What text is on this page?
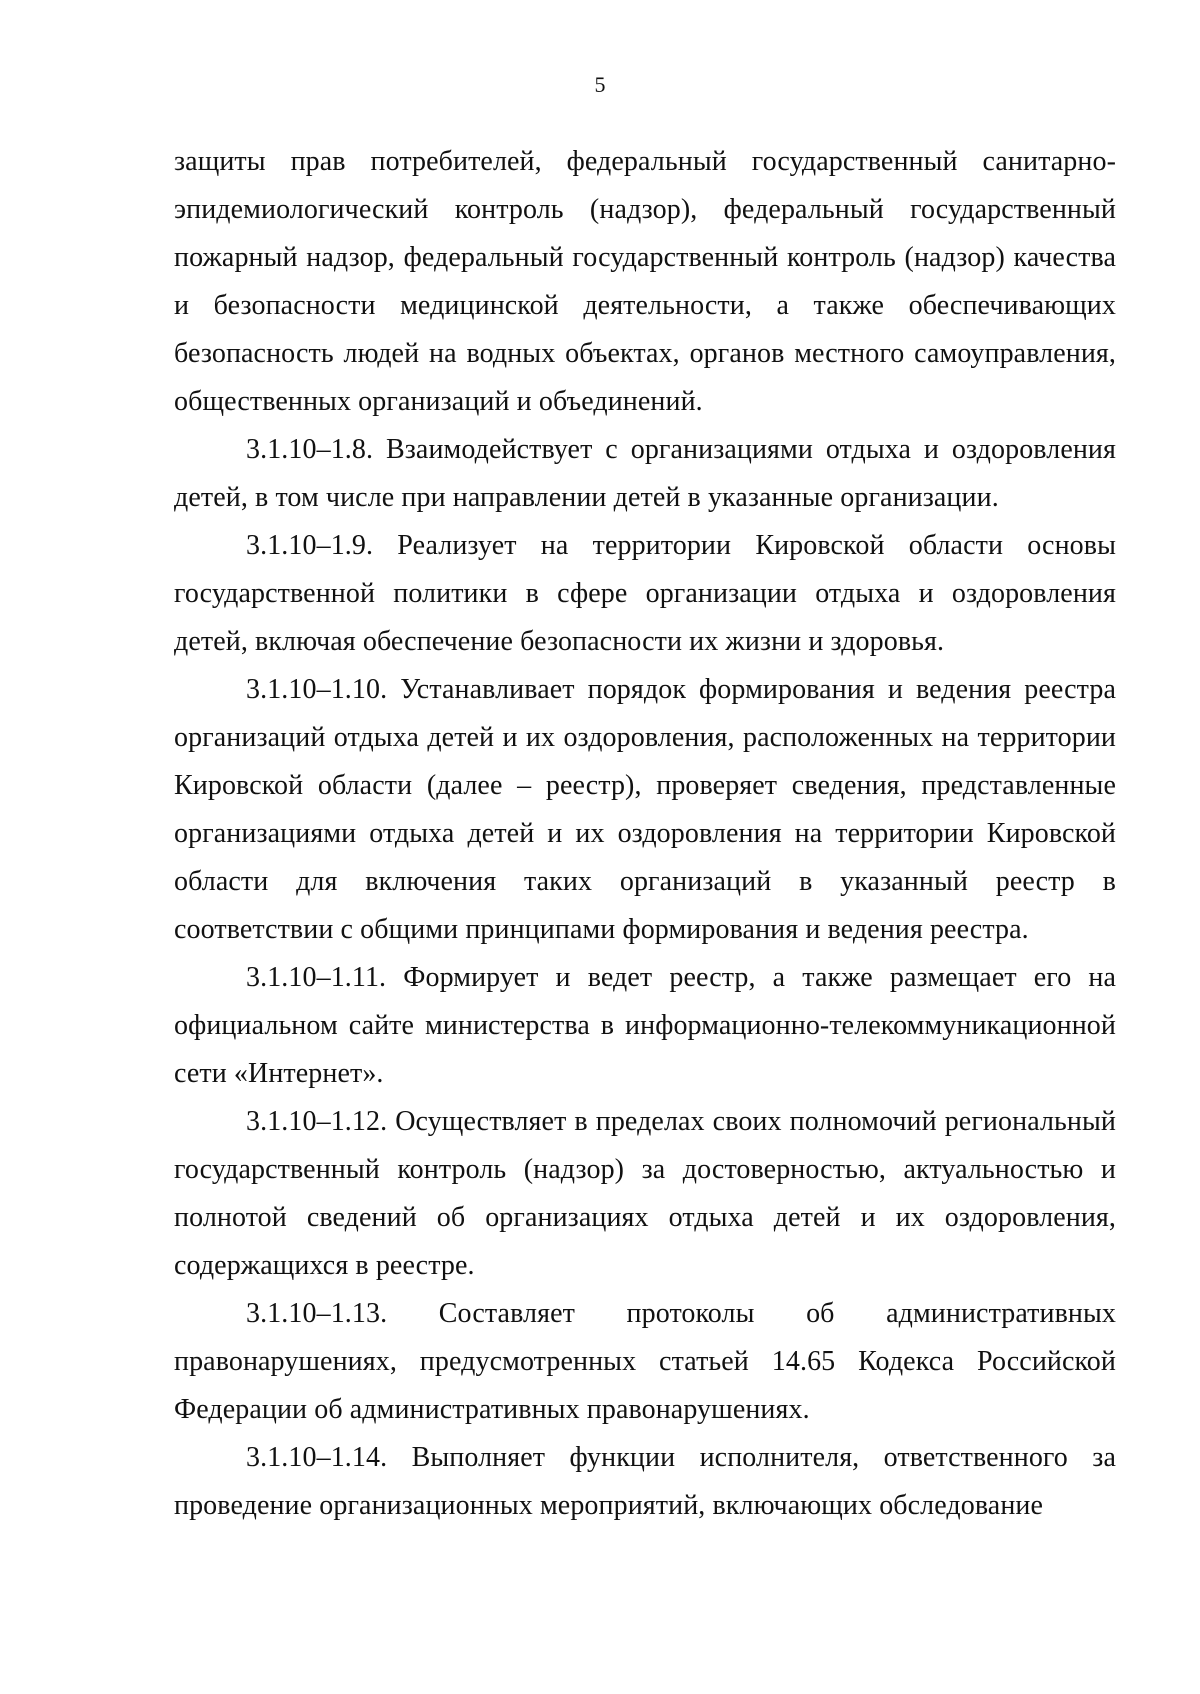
5

защиты прав потребителей, федеральный государственный санитарно-эпидемиологический контроль (надзор), федеральный государственный пожарный надзор, федеральный государственный контроль (надзор) качества и безопасности медицинской деятельности, а также обеспечивающих безопасность людей на водных объектах, органов местного самоуправления, общественных организаций и объединений.

3.1.10–1.8. Взаимодействует с организациями отдыха и оздоровления детей, в том числе при направлении детей в указанные организации.

3.1.10–1.9. Реализует на территории Кировской области основы государственной политики в сфере организации отдыха и оздоровления детей, включая обеспечение безопасности их жизни и здоровья.

3.1.10–1.10. Устанавливает порядок формирования и ведения реестра организаций отдыха детей и их оздоровления, расположенных на территории Кировской области (далее – реестр), проверяет сведения, представленные организациями отдыха детей и их оздоровления на территории Кировской области для включения таких организаций в указанный реестр в соответствии с общими принципами формирования и ведения реестра.

3.1.10–1.11. Формирует и ведет реестр, а также размещает его на официальном сайте министерства в информационно-телекоммуникационной сети «Интернет».

3.1.10–1.12. Осуществляет в пределах своих полномочий региональный государственный контроль (надзор) за достоверностью, актуальностью и полнотой сведений об организациях отдыха детей и их оздоровления, содержащихся в реестре.

3.1.10–1.13. Составляет протоколы об административных правонарушениях, предусмотренных статьей 14.65 Кодекса Российской Федерации об административных правонарушениях.

3.1.10–1.14. Выполняет функции исполнителя, ответственного за проведение организационных мероприятий, включающих обследование
